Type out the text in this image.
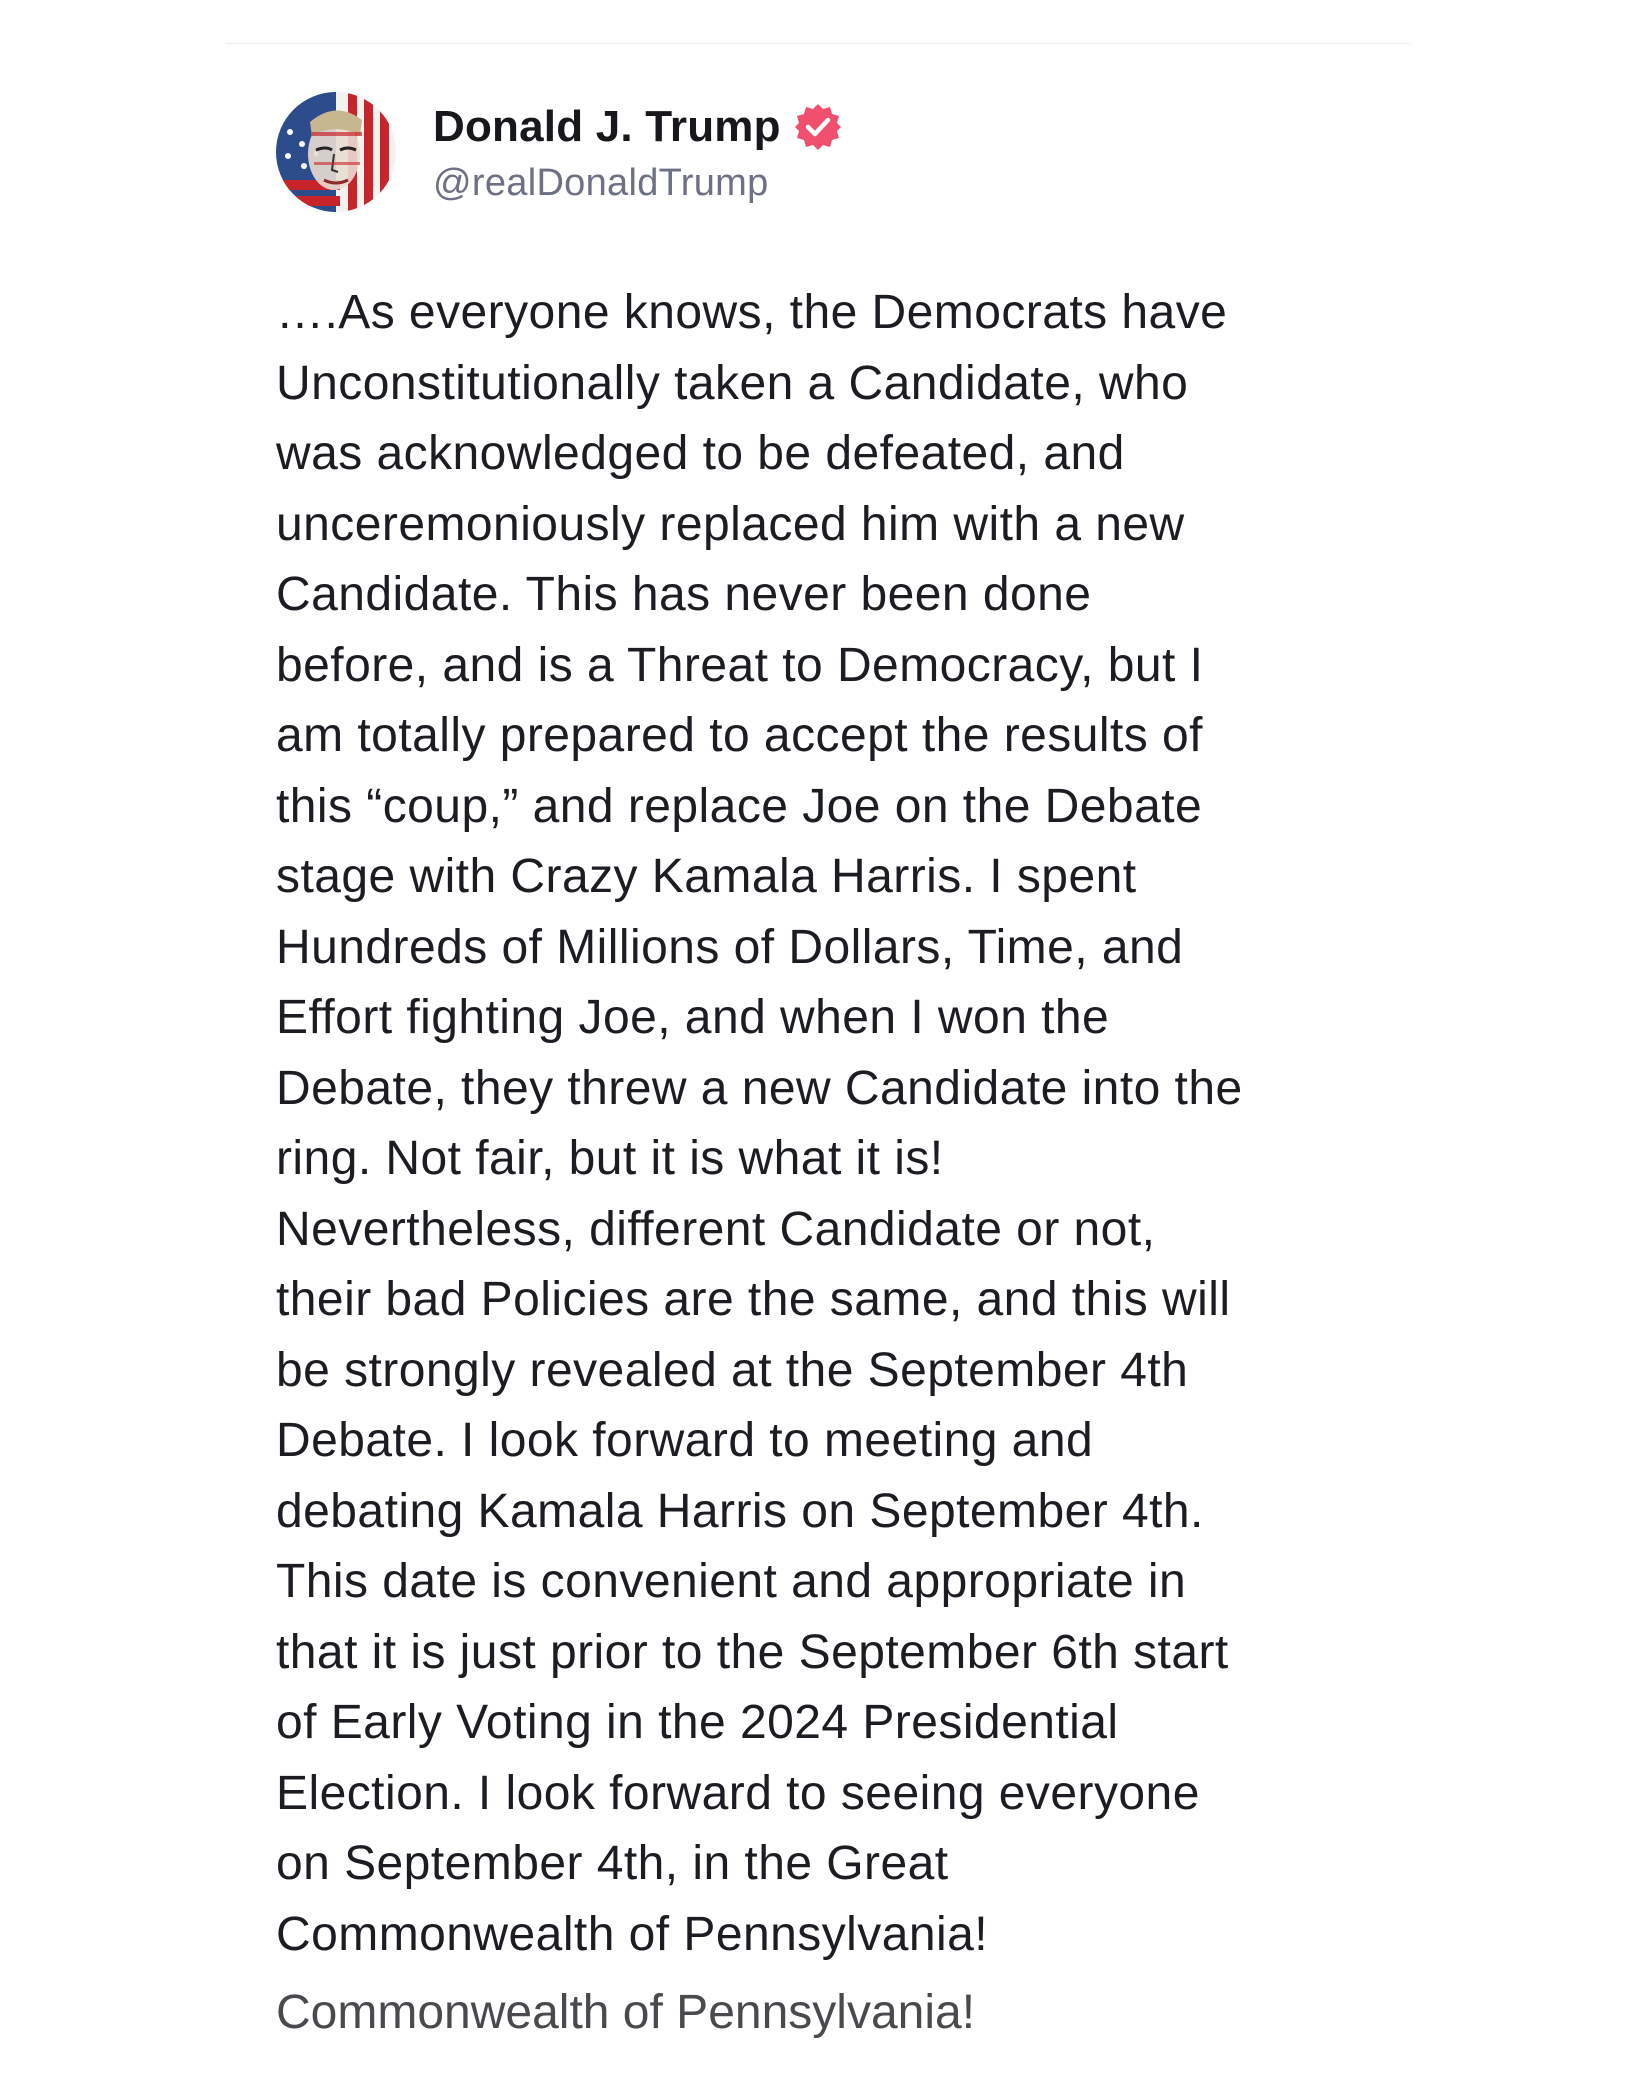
Donald J. Trump
@realDonaldTrump
….As everyone knows, the Democrats have
Unconstitutionally taken a Candidate, who
was acknowledged to be defeated, and
unceremoniously replaced him with a new
Candidate. This has never been done
before, and is a Threat to Democracy, but I
am totally prepared to accept the results of
this “coup,” and replace Joe on the Debate
stage with Crazy Kamala Harris. I spent
Hundreds of Millions of Dollars, Time, and
Effort fighting Joe, and when I won the
Debate, they threw a new Candidate into the
ring. Not fair, but it is what it is!
Nevertheless, different Candidate or not,
their bad Policies are the same, and this will
be strongly revealed at the September 4th
Debate. I look forward to meeting and
debating Kamala Harris on September 4th.
This date is convenient and appropriate in
that it is just prior to the September 6th start
of Early Voting in the 2024 Presidential
Election. I look forward to seeing everyone
on September 4th, in the Great
Commonwealth of Pennsylvania!
Commonwealth of Pennsylvania!
